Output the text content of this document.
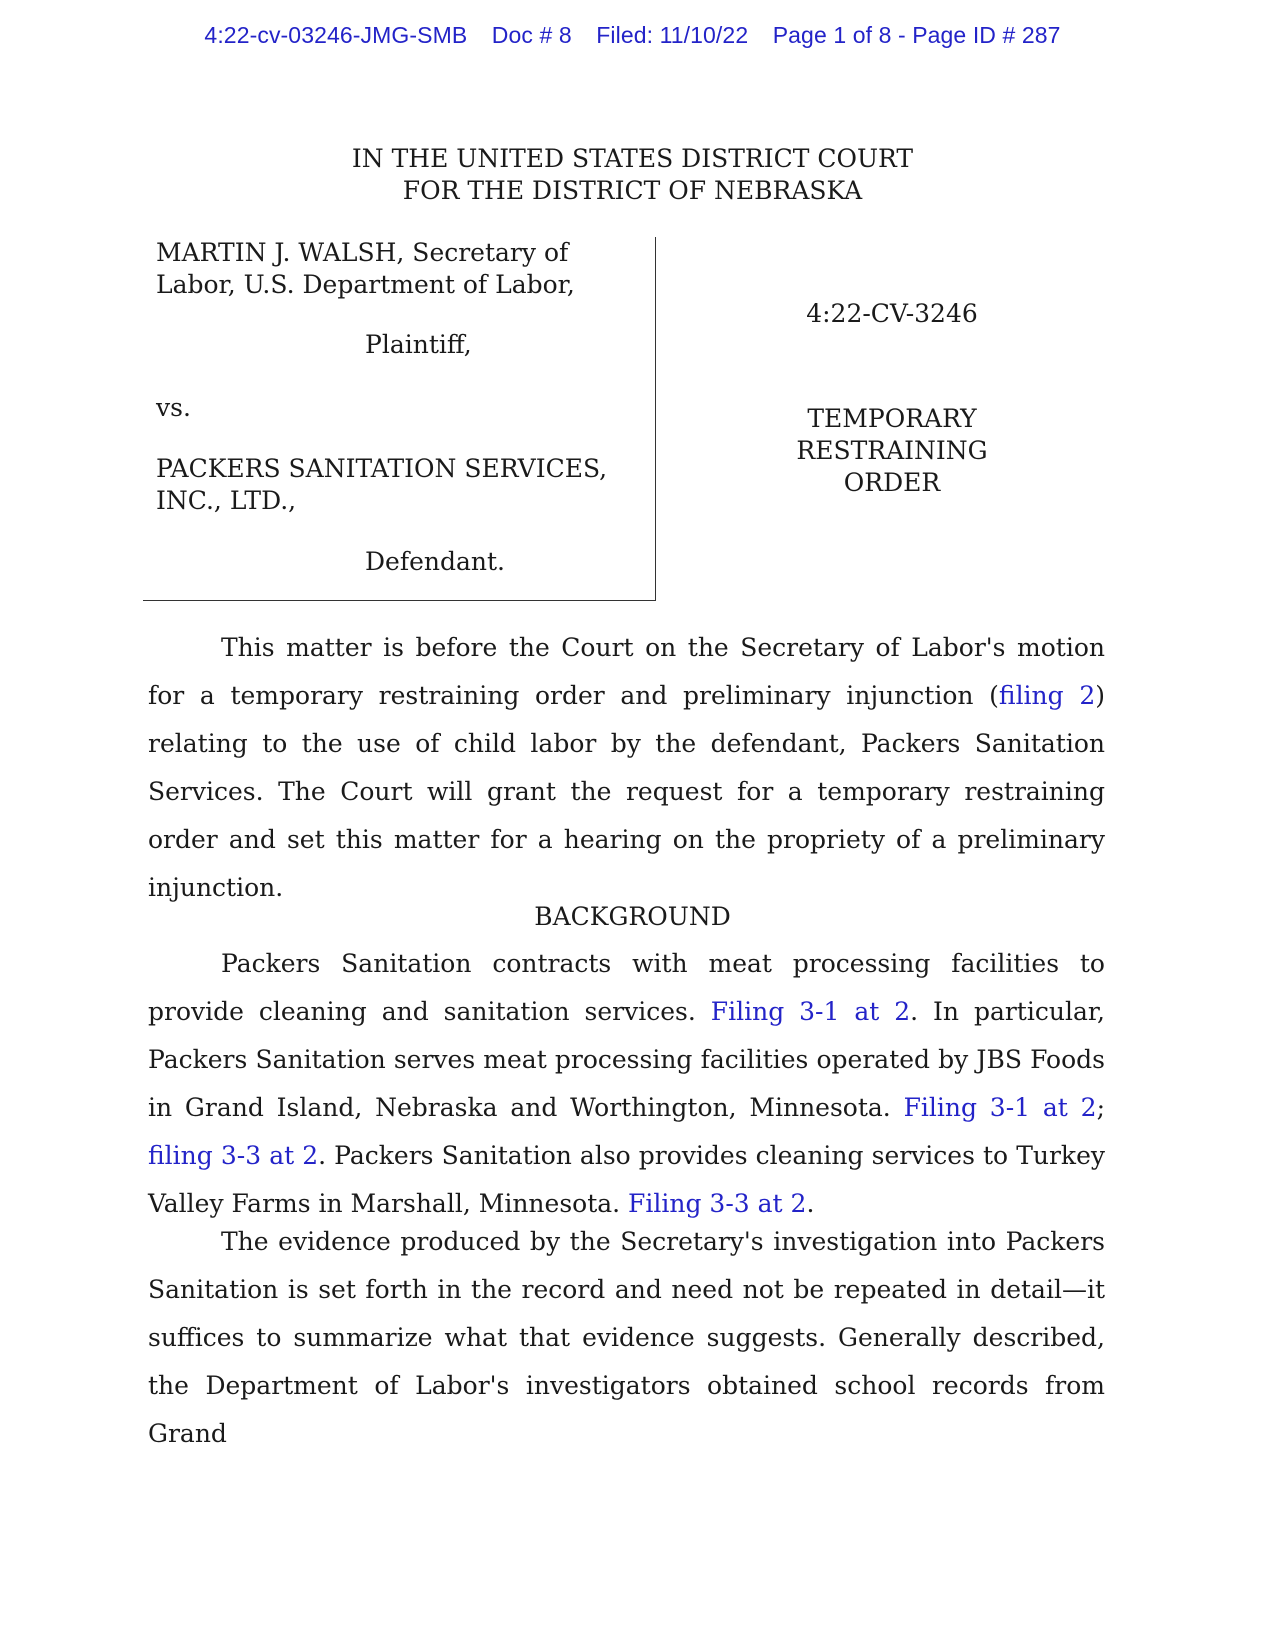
4:22-cv-03246-JMG-SMB Doc # 8 Filed: 11/10/22 Page 1 of 8 - Page ID # 287
IN THE UNITED STATES DISTRICT COURT
FOR THE DISTRICT OF NEBRASKA
MARTIN J. WALSH, Secretary of
Labor, U.S. Department of Labor,
Plaintiff,
vs.
PACKERS SANITATION SERVICES,
INC., LTD.,
Defendant.
4:22-CV-3246
TEMPORARY
RESTRAINING
ORDER
This matter is before the Court on the Secretary of Labor's motion for a temporary restraining order and preliminary injunction (filing 2) relating to the use of child labor by the defendant, Packers Sanitation Services. The Court will grant the request for a temporary restraining order and set this matter for a hearing on the propriety of a preliminary injunction.
BACKGROUND
Packers Sanitation contracts with meat processing facilities to provide cleaning and sanitation services. Filing 3-1 at 2. In particular, Packers Sanitation serves meat processing facilities operated by JBS Foods in Grand Island, Nebraska and Worthington, Minnesota. Filing 3-1 at 2; filing 3-3 at 2. Packers Sanitation also provides cleaning services to Turkey Valley Farms in Marshall, Minnesota. Filing 3-3 at 2.
The evidence produced by the Secretary's investigation into Packers Sanitation is set forth in the record and need not be repeated in detail—it suffices to summarize what that evidence suggests. Generally described, the Department of Labor's investigators obtained school records from Grand
